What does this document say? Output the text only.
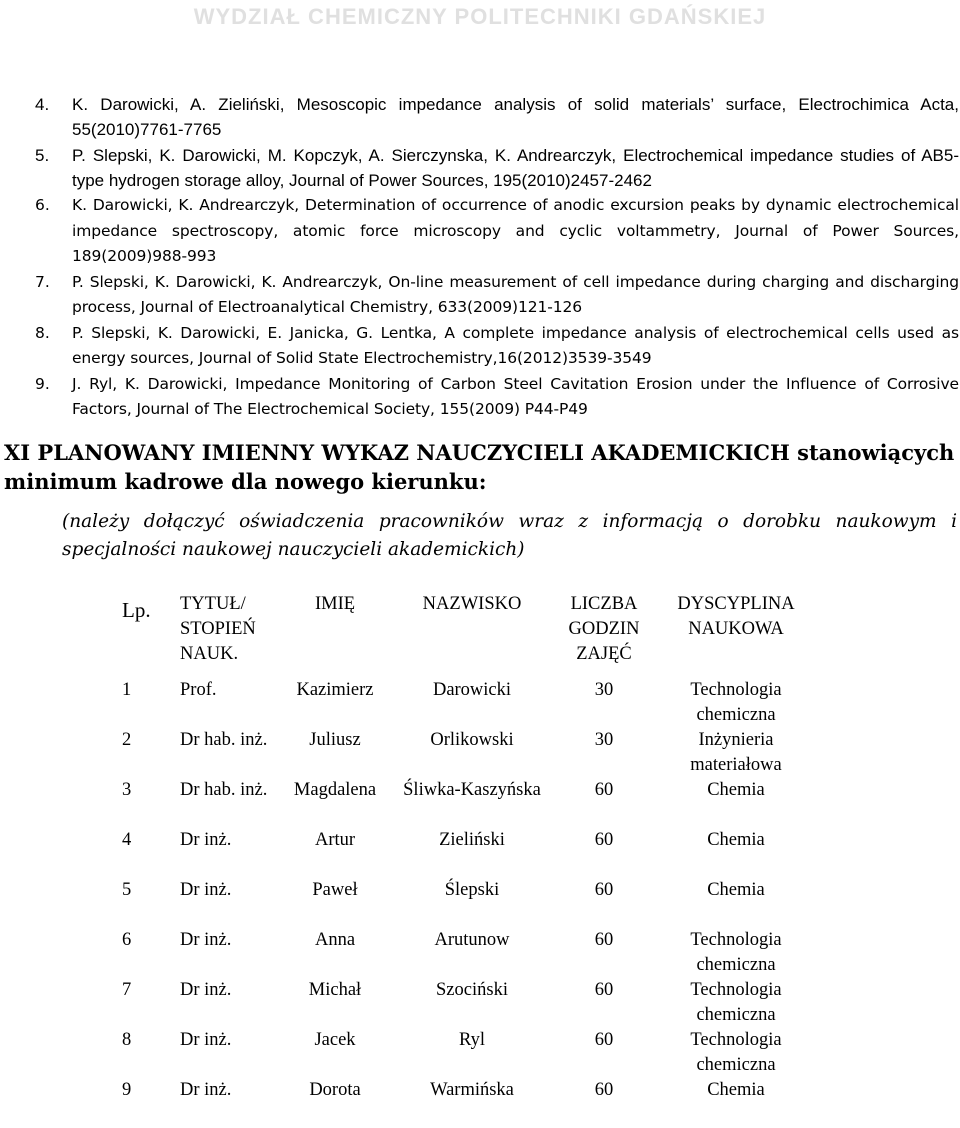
WYDZIAŁ CHEMICZNY POLITECHNIKI GDAŃSKIEJ
4.	K. Darowicki, A. Zieliński, Mesoscopic impedance analysis of solid materials’ surface, Electrochimica Acta, 55(2010)7761-7765
5.	P. Slepski, K. Darowicki, M. Kopczyk, A. Sierczynska, K. Andrearczyk, Electrochemical impedance studies of AB5-type hydrogen storage alloy, Journal of Power Sources, 195(2010)2457-2462
6.	K. Darowicki, K. Andrearczyk, Determination of occurrence of anodic excursion peaks by dynamic electrochemical impedance spectroscopy, atomic force microscopy and cyclic voltammetry, Journal of Power Sources, 189(2009)988-993
7.	P. Slepski, K. Darowicki, K. Andrearczyk, On-line measurement of cell impedance during charging and discharging process, Journal of Electroanalytical Chemistry, 633(2009)121-126
8.	P. Slepski, K. Darowicki, E. Janicka, G. Lentka, A complete impedance analysis of electrochemical cells used as energy sources, Journal of Solid State Electrochemistry,16(2012)3539-3549
9.	J. Ryl, K. Darowicki, Impedance Monitoring of Carbon Steel Cavitation Erosion under the Influence of Corrosive Factors, Journal of The Electrochemical Society, 155(2009) P44-P49
XI PLANOWANY IMIENNY WYKAZ NAUCZYCIELI AKADEMICKICH stanowiących minimum kadrowe dla nowego kierunku:
(należy dołączyć oświadczenia pracowników wraz z informacją o dorobku naukowym i specjalności naukowej nauczycieli akademickich)
Lp.	TYTUŁ/ STOPIEŃ NAUK.	IMIĘ	NAZWISKO	LICZBA GODZIN ZAJĘĆ	DYSCYPLINA NAUKOWA
1	Prof.	Kazimierz	Darowicki	30	Technologia chemiczna
2	Dr hab. inż.	Juliusz	Orlikowski	30	Inżynieria materiałowa
3	Dr hab. inż.	Magdalena	Śliwka-Kaszyńska	60	Chemia
4	Dr inż.	Artur	Zieliński	60	Chemia
5	Dr inż.	Paweł	Ślepski	60	Chemia
6	Dr inż.	Anna	Arutunow	60	Technologia chemiczna
7	Dr inż.	Michał	Szociński	60	Technologia chemiczna
8	Dr inż.	Jacek	Ryl	60	Technologia chemiczna
9	Dr inż.	Dorota	Warmińska	60	Chemia
